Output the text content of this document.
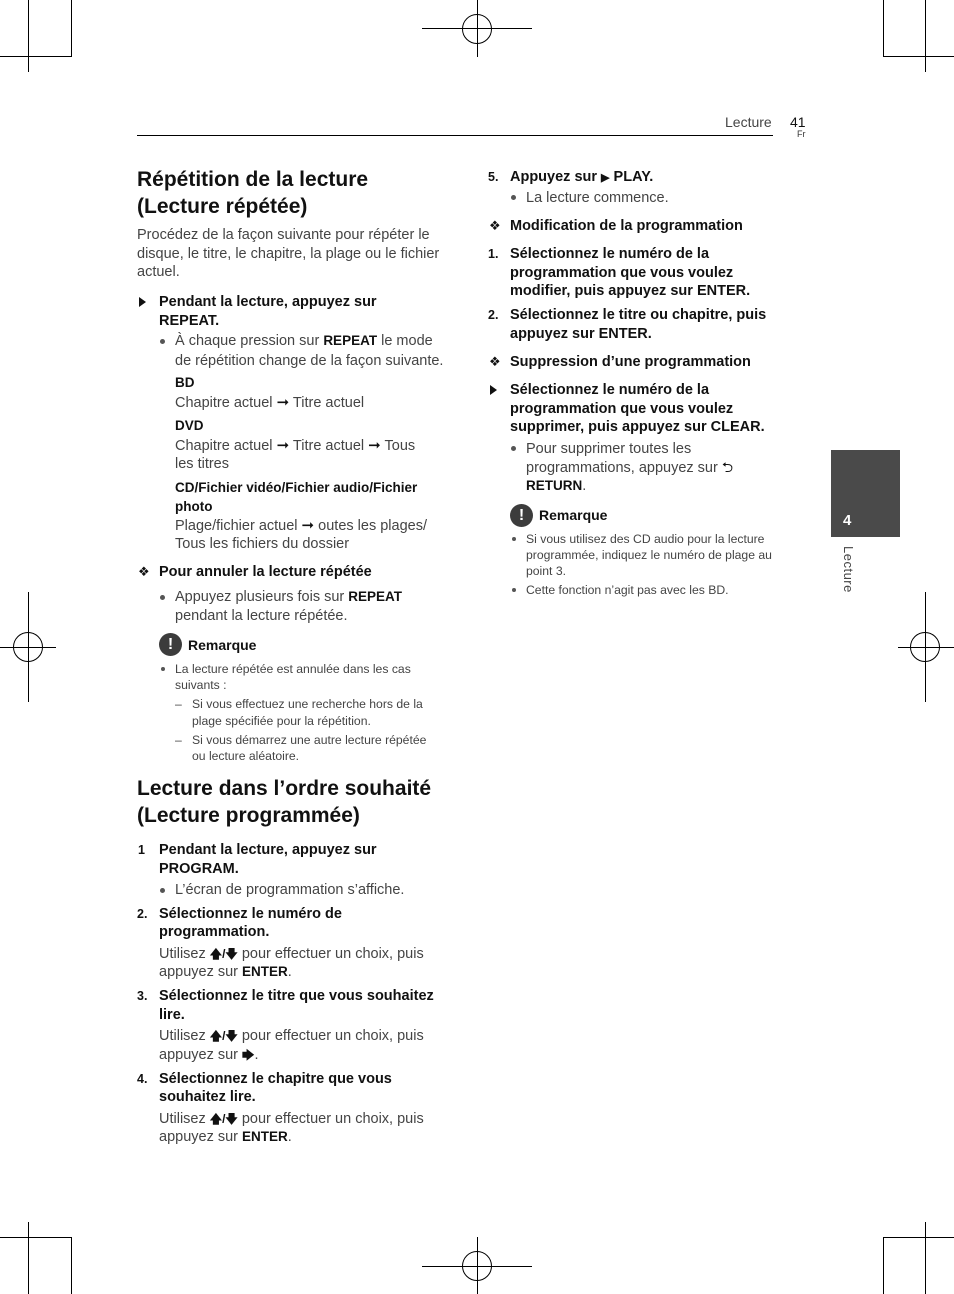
Lecture 41
Fr
4
Lecture
Répétition de la lecture
(Lecture répétée)
Procédez de la façon suivante pour répéter le disque, le titre, le chapitre, la plage ou le fichier actuel.
Pendant la lecture, appuyez sur
REPEAT.
À chaque pression sur REPEAT le mode
de répétition change de la façon suivante.
BD
Chapitre actuel ➞ Titre actuel
DVD
Chapitre actuel ➞ Titre actuel ➞ Tous
les titres
CD/Fichier vidéo/Fichier audio/Fichier
photo
Plage/fichier actuel ➞ outes les plages/
Tous les fichiers du dossier
❖ Pour annuler la lecture répétée
Appuyez plusieurs fois sur REPEAT
pendant la lecture répétée.
!	Remarque
La lecture répétée est annulée dans les cas
suivants :
– Si vous effectuez une recherche hors de la
plage spécifiée pour la répétition.
– Si vous démarrez une autre lecture répétée
ou lecture aléatoire.
Lecture dans l’ordre souhaité
(Lecture programmée)
1 Pendant la lecture, appuyez sur
PROGRAM.
L’écran de programmation s’affiche.
2. Sélectionnez le numéro de
programmation.
Utilisez 🡅/🡇 pour effectuer un choix, puis
appuyez sur ENTER.
3. Sélectionnez le titre que vous souhaitez
lire.
Utilisez 🡅/🡇 pour effectuer un choix, puis
appuyez sur 🡆.
4. Sélectionnez le chapitre que vous
souhaitez lire.
Utilisez 🡅/🡇 pour effectuer un choix, puis
appuyez sur ENTER.
5. Appuyez sur ▶ PLAY.
La lecture commence.
❖ Modification de la programmation
1. Sélectionnez le numéro de la
programmation que vous voulez
modifier, puis appuyez sur ENTER.
2. Sélectionnez le titre ou chapitre, puis
appuyez sur ENTER.
❖ Suppression d’une programmation
Sélectionnez le numéro de la
programmation que vous voulez
supprimer, puis appuyez sur CLEAR.
Pour supprimer toutes les
programmations, appuyez sur ⮌
RETURN.
!	Remarque
Si vous utilisez des CD audio pour la lecture
programmée, indiquez le numéro de plage au
point 3.
Cette fonction n’agit pas avec les BD.
